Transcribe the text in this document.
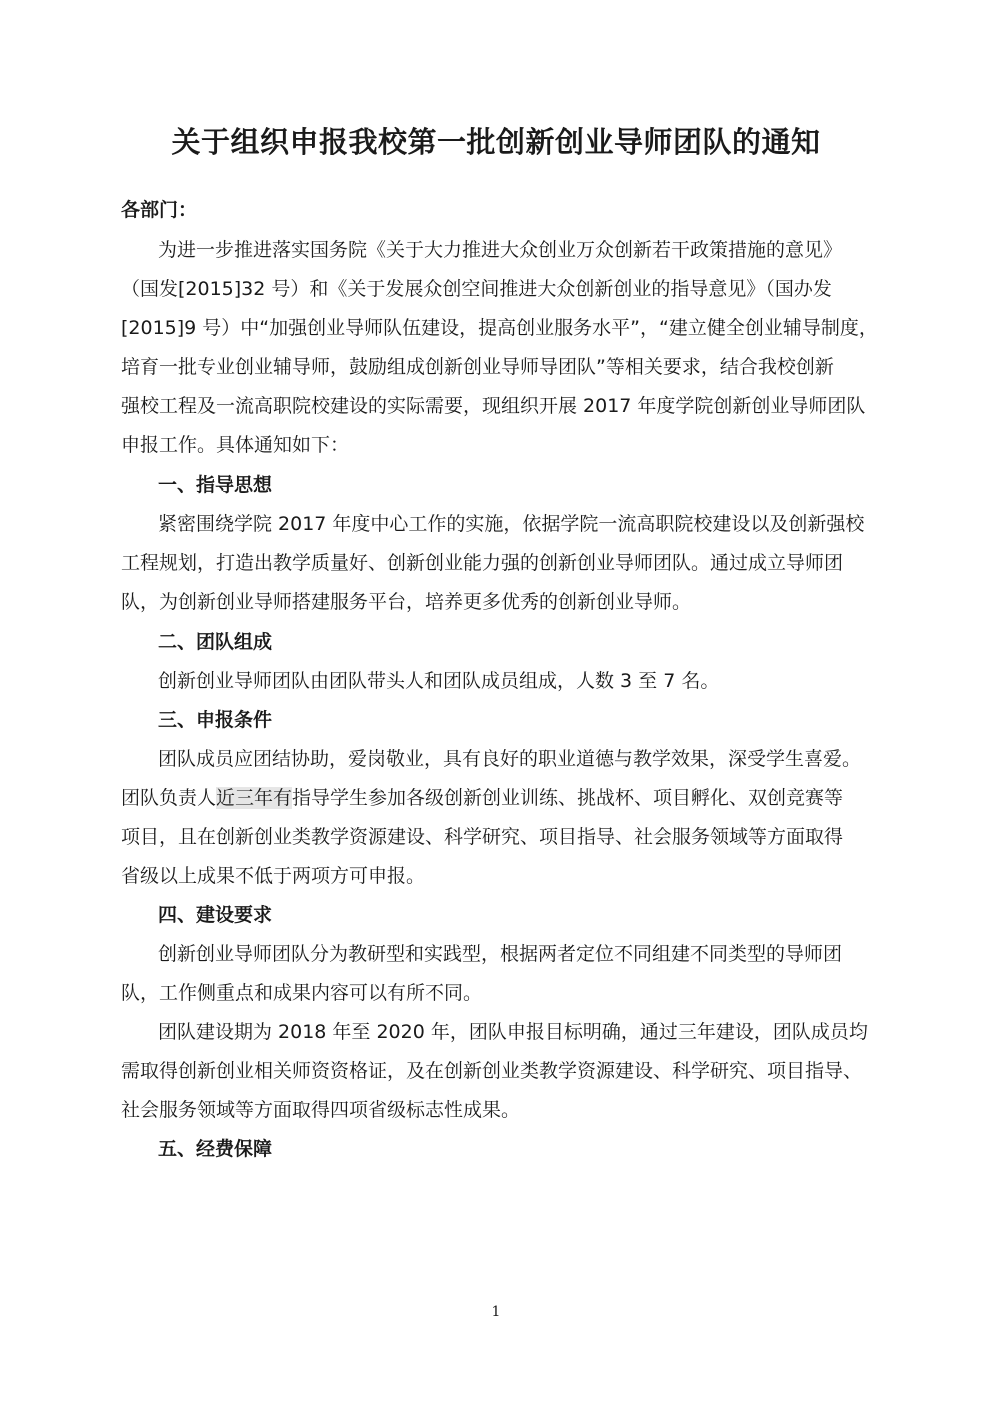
关于组织申报我校第一批创新创业导师团队的通知
各部门：
为进一步推进落实国务院《关于大力推进大众创业万众创新若干政策措施的意见》
（国发[2015]32 号）和《关于发展众创空间推进大众创新创业的指导意见》（国办发
[2015]9 号）中“加强创业导师队伍建设，提高创业服务水平”，“建立健全创业辅导制度，
培育一批专业创业辅导师，鼓励组成创新创业导师导团队”等相关要求，结合我校创新
强校工程及一流高职院校建设的实际需要，现组织开展 2017 年度学院创新创业导师团队
申报工作。具体通知如下：
一、指导思想
紧密围绕学院 2017 年度中心工作的实施，依据学院一流高职院校建设以及创新强校
工程规划，打造出教学质量好、创新创业能力强的创新创业导师团队。通过成立导师团
队，为创新创业导师搭建服务平台，培养更多优秀的创新创业导师。
二、团队组成
创新创业导师团队由团队带头人和团队成员组成，人数 3 至 7 名。
三、申报条件
团队成员应团结协助，爱岗敬业，具有良好的职业道德与教学效果，深受学生喜爱。
团队负责人近三年有指导学生参加各级创新创业训练、挑战杯、项目孵化、双创竞赛等
项目，且在创新创业类教学资源建设、科学研究、项目指导、社会服务领域等方面取得
省级以上成果不低于两项方可申报。
四、建设要求
创新创业导师团队分为教研型和实践型，根据两者定位不同组建不同类型的导师团
队，工作侧重点和成果内容可以有所不同。
团队建设期为 2018 年至 2020 年，团队申报目标明确，通过三年建设，团队成员均
需取得创新创业相关师资资格证，及在创新创业类教学资源建设、科学研究、项目指导、
社会服务领域等方面取得四项省级标志性成果。
五、经费保障
1
